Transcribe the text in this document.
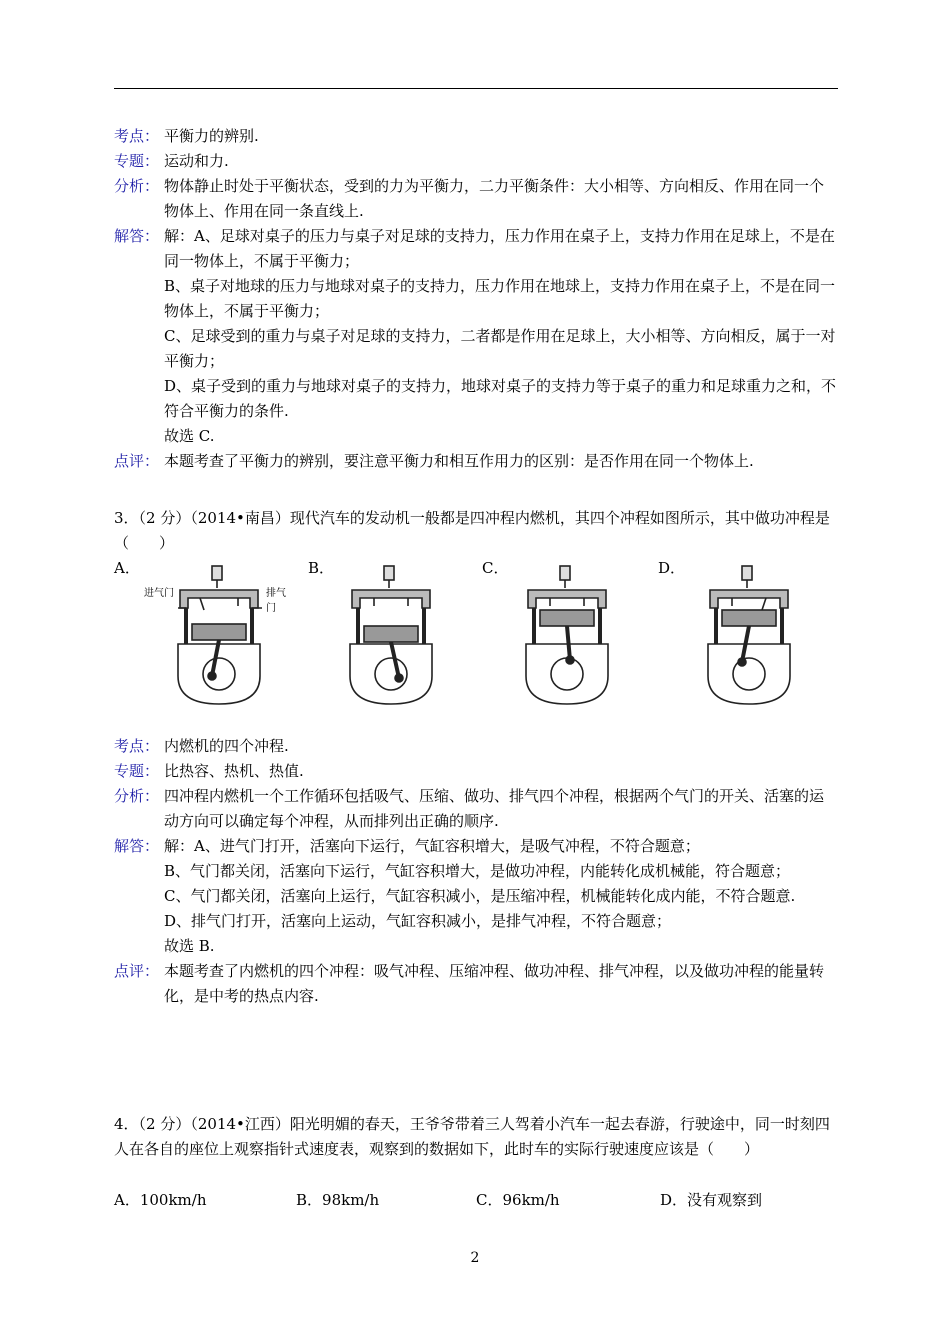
考点： 平衡力的辨别.
专题： 运动和力.
分析： 物体静止时处于平衡状态，受到的力为平衡力，二力平衡条件：大小相等、方向相反、作用在同一个物体上、作用在同一条直线上.
解答： 解：A、足球对桌子的压力与桌子对足球的支持力，压力作用在桌子上，支持力作用在足球上，不是在同一物体上，不属于平衡力；

B、桌子对地球的压力与地球对桌子的支持力，压力作用在地球上，支持力作用在桌子上，不是在同一物体上，不属于平衡力；

C、足球受到的重力与桌子对足球的支持力，二者都是作用在足球上，大小相等、方向相反，属于一对平衡力；

D、桌子受到的重力与地球对桌子的支持力，地球对桌子的支持力等于桌子的重力和足球重力之和，不符合平衡力的条件.

故选 C.

点评： 本题考查了平衡力的辨别，要注意平衡力和相互作用力的区别：是否作用在同一个物体上.

3．（2 分）（2014•南昌）现代汽车的发动机一般都是四冲程内燃机，其四个冲程如图所示，其中做功冲程是（　　）

A．
进气门	排气门
B．	C．	D．
考点： 内燃机的四个冲程.
专题： 比热容、热机、热值.
分析： 四冲程内燃机一个工作循环包括吸气、压缩、做功、排气四个冲程，根据两个气门的开关、活塞的运动方向可以确定每个冲程，从而排列出正确的顺序.
解答： 解：A、进气门打开，活塞向下运行，气缸容积增大，是吸气冲程，不符合题意；

B、气门都关闭，活塞向下运行，气缸容积增大，是做功冲程，内能转化成机械能，符合题意；

C、气门都关闭，活塞向上运行，气缸容积减小，是压缩冲程，机械能转化成内能，不符合题意.

D、排气门打开，活塞向上运动，气缸容积减小，是排气冲程，不符合题意；

故选 B.

点评： 本题考查了内燃机的四个冲程：吸气冲程、压缩冲程、做功冲程、排气冲程，以及做功冲程的能量转化，是中考的热点内容.

4．（2 分）（2014•江西）阳光明媚的春天，王爷爷带着三人驾着小汽车一起去春游，行驶途中，同一时刻四人在各自的座位上观察指针式速度表，观察到的数据如下，此时车的实际行驶速度应该是（　　）

A．100km/h	B．98km/h	C．96km/h	D．没有观察到
2
